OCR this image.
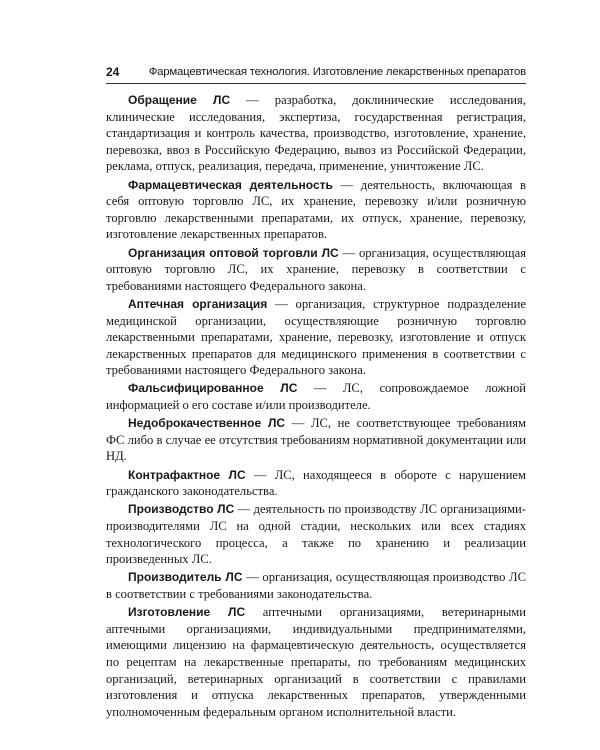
24	Фармацевтическая технология. Изготовление лекарственных препаратов

Обращение ЛС — разработка, доклинические исследования, клинические исследования, экспертиза, государственная регистрация, стандартизация и контроль качества, производство, изготовление, хранение, перевозка, ввоз в Российскую Федерацию, вывоз из Российской Федерации, реклама, отпуск, реализация, передача, применение, уничтожение ЛС.

Фармацевтическая деятельность — деятельность, включающая в себя оптовую торговлю ЛС, их хранение, перевозку и/или розничную торговлю лекарственными препаратами, их отпуск, хранение, перевозку, изготовление лекарственных препаратов.

Организация оптовой торговли ЛС — организация, осуществляющая оптовую торговлю ЛС, их хранение, перевозку в соответствии с требованиями настоящего Федерального закона.

Аптечная организация — организация, структурное подразделение медицинской организации, осуществляющие розничную торговлю лекарственными препаратами, хранение, перевозку, изготовление и отпуск лекарственных препаратов для медицинского применения в соответствии с требованиями настоящего Федерального закона.

Фальсифицированное ЛС — ЛС, сопровождаемое ложной информацией о его составе и/или производителе.

Недоброкачественное ЛС — ЛС, не соответствующее требованиям ФС либо в случае ее отсутствия требованиям нормативной документации или НД.

Контрафактное ЛС — ЛС, находящееся в обороте с нарушением гражданского законодательства.

Производство ЛС — деятельность по производству ЛС организациями-производителями ЛС на одной стадии, нескольких или всех стадиях технологического процесса, а также по хранению и реализации произведенных ЛС.

Производитель ЛС — организация, осуществляющая производство ЛС в соответствии с требованиями законодательства.

Изготовление ЛС аптечными организациями, ветеринарными аптечными организациями, индивидуальными предпринимателями, имеющими лицензию на фармацевтическую деятельность, осуществляется по рецептам на лекарственные препараты, по требованиям медицинских организаций, ветеринарных организаций в соответствии с правилами изготовления и отпуска лекарственных препаратов, утвержденными уполномоченным федеральным органом исполнительной власти.
